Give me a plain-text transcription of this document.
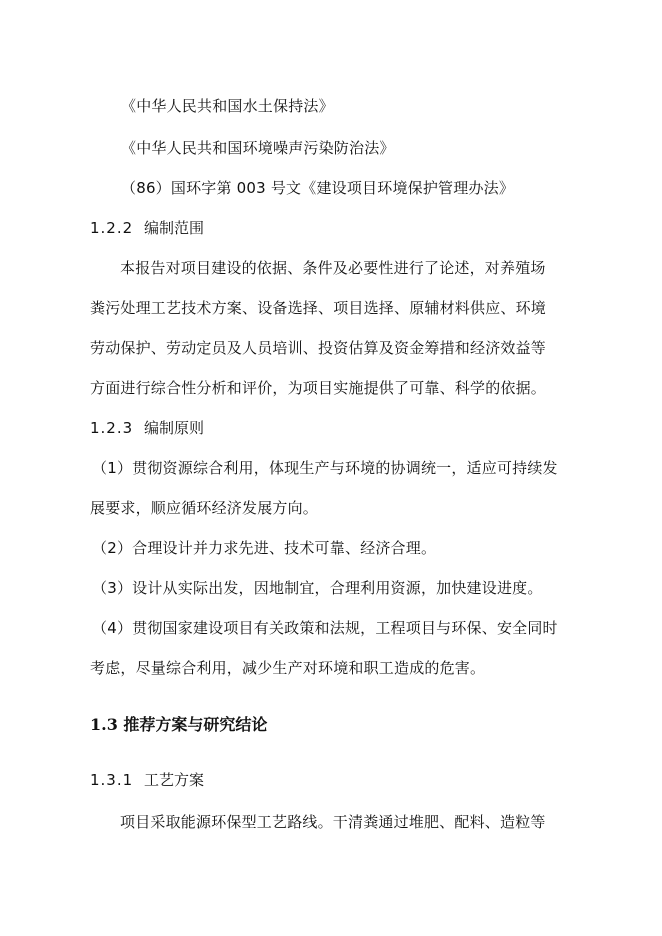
《中华人民共和国水土保持法》
《中华人民共和国环境噪声污染防治法》
（86）国环字第 003 号文《建设项目环境保护管理办法》
1.2.2 编制范围
本报告对项目建设的依据、条件及必要性进行了论述，对养殖场
粪污处理工艺技术方案、设备选择、项目选择、原辅材料供应、环境
劳动保护、劳动定员及人员培训、投资估算及资金筹措和经济效益等
方面进行综合性分析和评价，为项目实施提供了可靠、科学的依据。
1.2.3 编制原则
（1）贯彻资源综合利用，体现生产与环境的协调统一，适应可持续发
展要求，顺应循环经济发展方向。
（2）合理设计并力求先进、技术可靠、经济合理。
（3）设计从实际出发，因地制宜，合理利用资源，加快建设进度。
（4）贯彻国家建设项目有关政策和法规，工程项目与环保、安全同时
考虑，尽量综合利用，减少生产对环境和职工造成的危害。
1.3 推荐方案与研究结论
1.3.1 工艺方案
项目采取能源环保型工艺路线。干清粪通过堆肥、配料、造粒等
